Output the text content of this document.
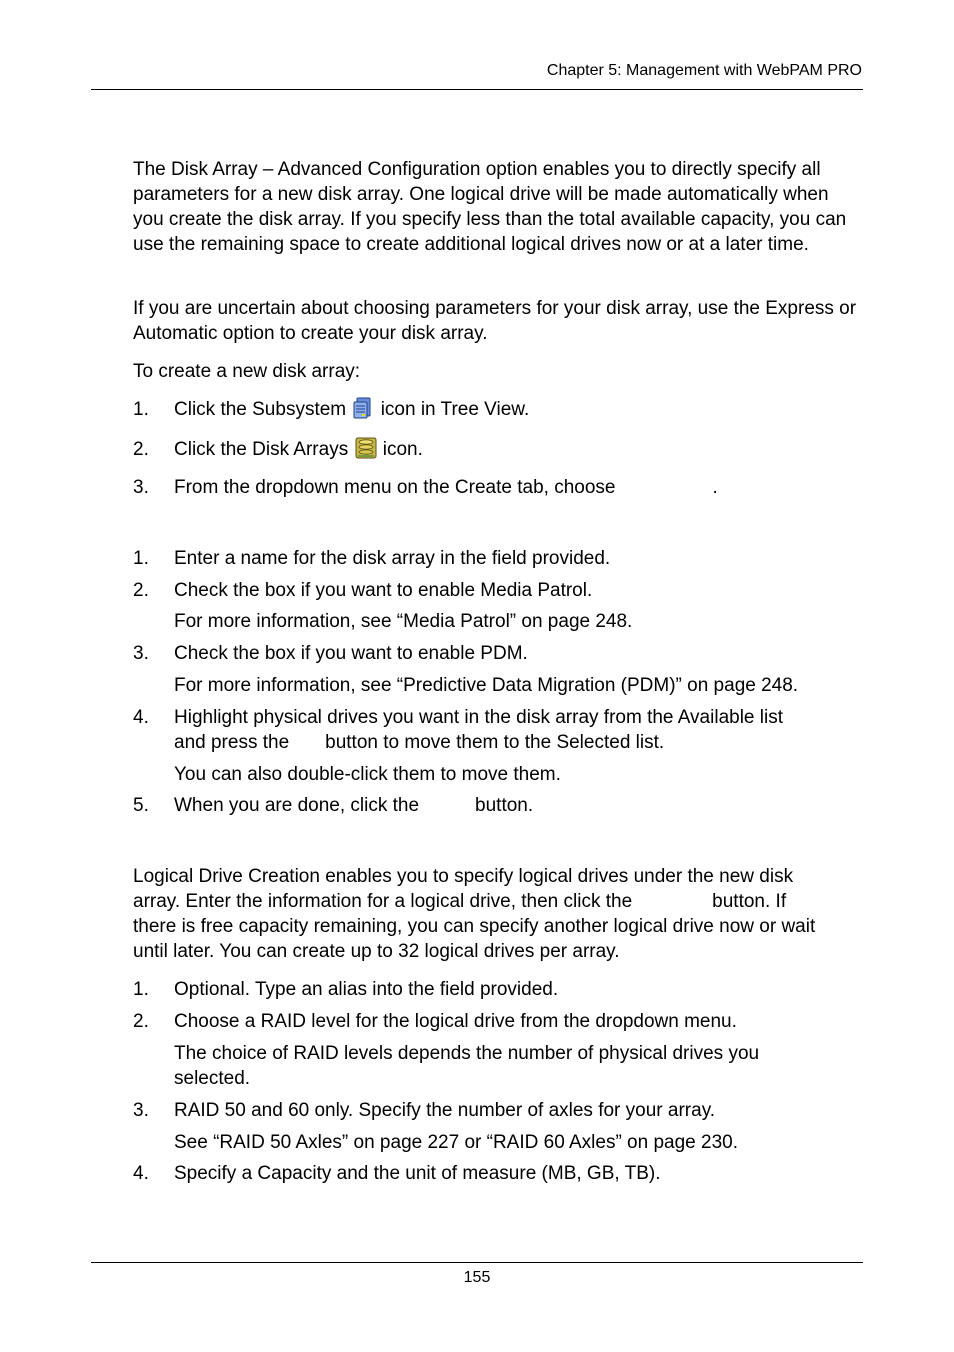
Chapter 5: Management with WebPAM PRO

The Disk Array – Advanced Configuration option enables you to directly specify all parameters for a new disk array. One logical drive will be made automatically when you create the disk array. If you specify less than the total available capacity, you can use the remaining space to create additional logical drives now or at a later time.

If you are uncertain about choosing parameters for your disk array, use the Express or Automatic option to create your disk array.

To create a new disk array:

1. Click the Subsystem icon in Tree View.
2. Click the Disk Arrays icon.
3. From the dropdown menu on the Create tab, choose	.
1. Enter a name for the disk array in the field provided.
2. Check the box if you want to enable Media Patrol.
For more information, see “Media Patrol” on page 248.
3. Check the box if you want to enable PDM.
For more information, see “Predictive Data Migration (PDM)” on page 248.
4. Highlight physical drives you want in the disk array from the Available list
and press the button to move them to the Selected list.
You can also double-click them to move them.
5. When you are done, click the	button.
Logical Drive Creation enables you to specify logical drives under the new disk
array. Enter the information for a logical drive, then click the	button. If
there is free capacity remaining, you can specify another logical drive now or wait
until later. You can create up to 32 logical drives per array.
1. Optional. Type an alias into the field provided.
2. Choose a RAID level for the logical drive from the dropdown menu.
The choice of RAID levels depends the number of physical drives you selected.
3. RAID 50 and 60 only. Specify the number of axles for your array.
See “RAID 50 Axles” on page 227 or “RAID 60 Axles” on page 230.
4. Specify a Capacity and the unit of measure (MB, GB, TB).
155
